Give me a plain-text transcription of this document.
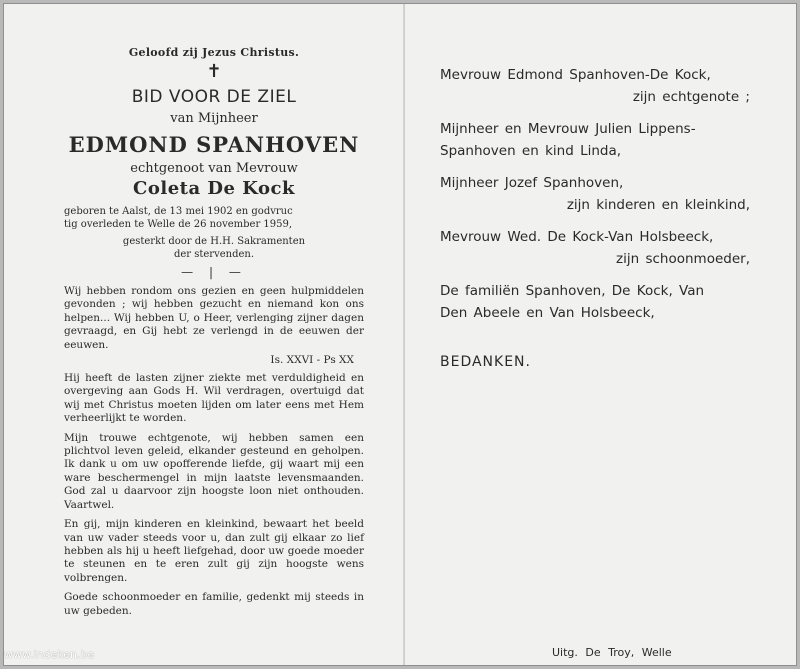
Geloofd zij Jezus Christus.
✝
BID VOOR DE ZIEL
van Mijnheer
EDMOND SPANHOVEN
echtgenoot van Mevrouw
Coleta De Kock
geboren te Aalst, de 13 mei 1902 en godvruc
tig overleden te Welle de 26 november 1959,
gesterkt door de H.H. Sakramenten
der stervenden.
— | —
Wij hebben rondom ons gezien en geen hulpmiddelen gevonden ; wij hebben gezucht en niemand kon ons helpen... Wij hebben U, o Heer, verlenging zijner dagen gevraagd, en Gij hebt ze verlengd in de eeuwen der eeuwen.
Is. XXVI - Ps XX
Hij heeft de lasten zijner ziekte met verduldigheid en overgeving aan Gods H. Wil verdragen, overtuigd dat wij met Christus moeten lijden om later eens met Hem verheerlijkt te worden.
Mijn trouwe echtgenote, wij hebben samen een plichtvol leven geleid, elkander gesteund en geholpen. Ik dank u om uw opofferende liefde, gij waart mij een ware beschermengel in mijn laatste levensmaanden. God zal u daarvoor zijn hoogste loon niet onthouden. Vaartwel.
En gij, mijn kinderen en kleinkind, bewaart het beeld van uw vader steeds voor u, dan zult gij elkaar zo lief hebben als hij u heeft liefgehad, door uw goede moeder te steunen en te eren zult gij zijn hoogste wens volbrengen.
Goede schoonmoeder en familie, gedenkt mij steeds in uw gebeden.
Mevrouw Edmond Spanhoven-De Kock,
zijn echtgenote ;
Mijnheer en Mevrouw Julien Lippens-
Spanhoven en kind Linda,
Mijnheer Jozef Spanhoven,
zijn kinderen en kleinkind,
Mevrouw Wed. De Kock-Van Holsbeeck,
zijn schoonmoeder,
De familiën Spanhoven, De Kock, Van
Den Abeele en Van Holsbeeck,
BEDANKEN.
Uitg. De Troy, Welle
www.indeken.be
